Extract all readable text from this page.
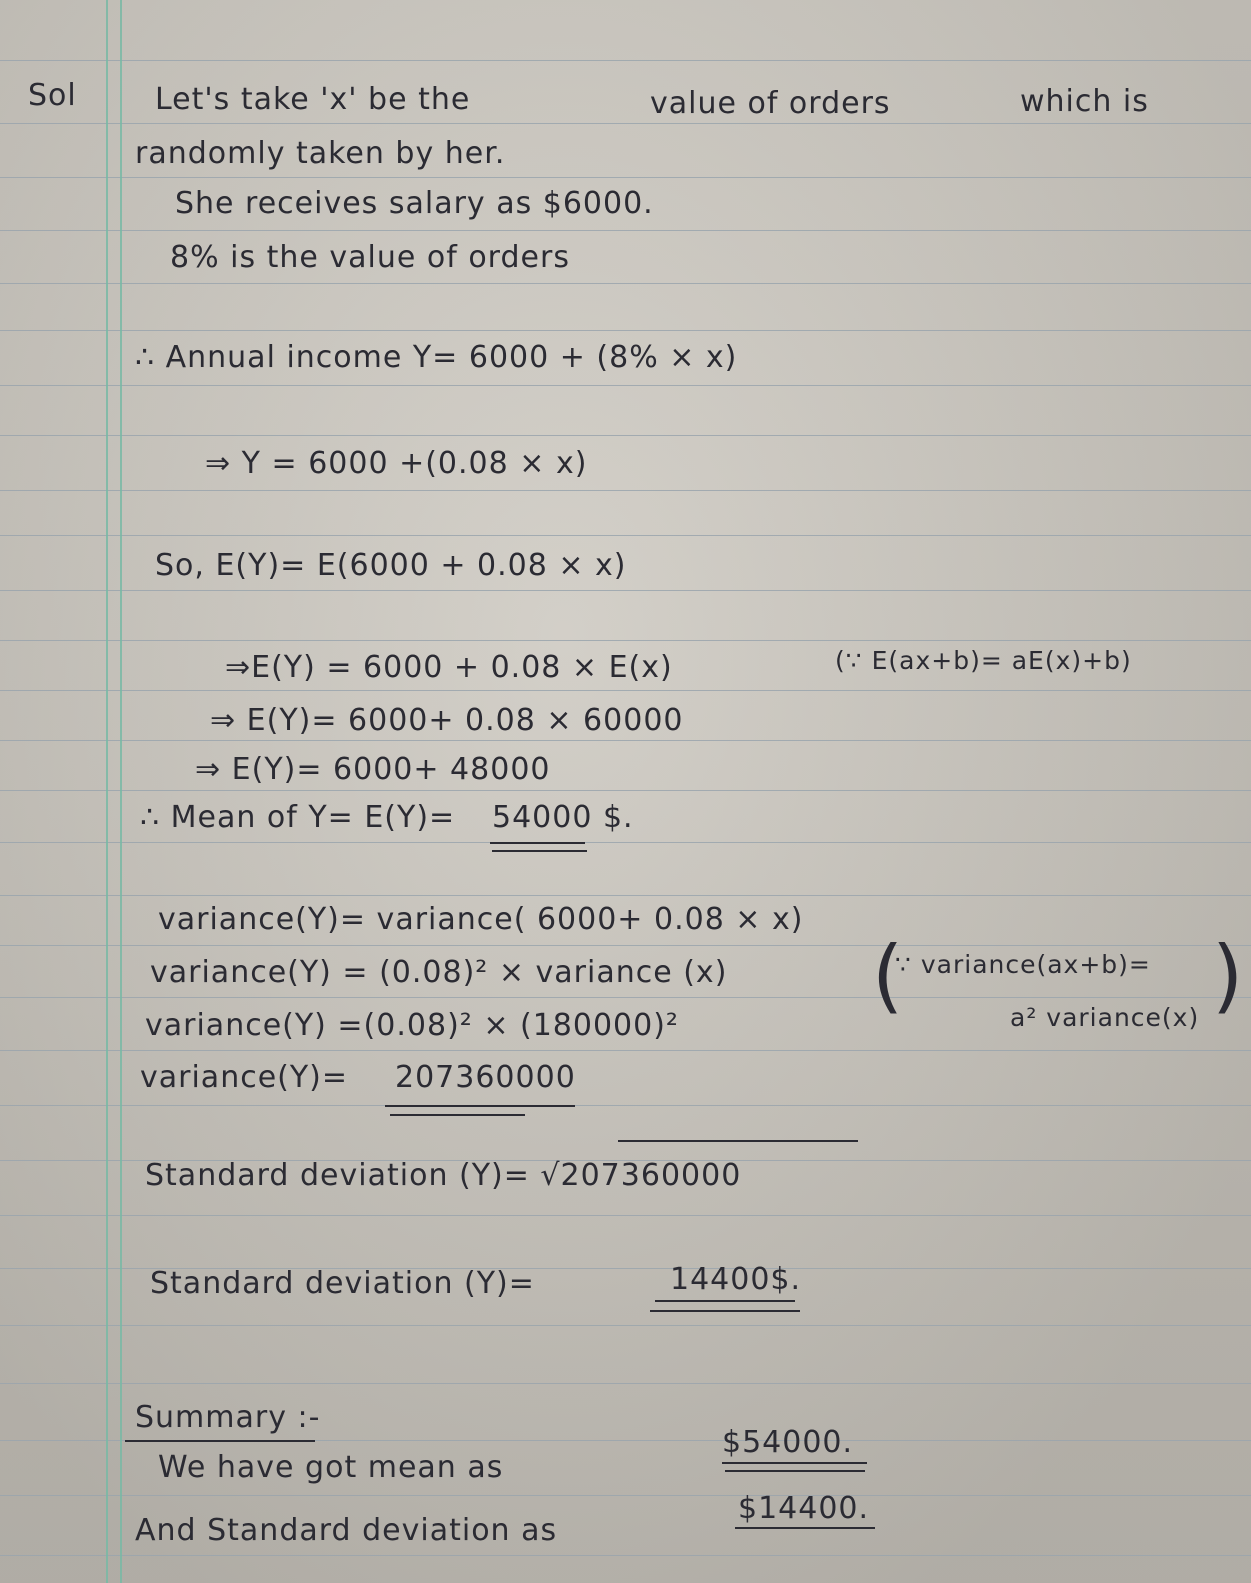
Sol	Let's take 'x' be the	value of orders	which is
randomly taken by her.
She receives salary as $6000.
8% is the value of orders
∴ Annual income Y= 6000 + (8% × x)
⇒ Y = 6000 +(0.08 × x)
So, E(Y)= E(6000 + 0.08 × x)
⇒E(Y) = 6000 + 0.08 × E(x)	(∵ E(ax+b)= aE(x)+b)
⇒ E(Y)= 6000+ 0.08 × 60000
⇒ E(Y)= 6000+ 48000
∴ Mean of Y= E(Y)= 54000 $.
variance(Y)= variance( 6000+ 0.08 × x)
variance(Y) = (0.08)² × variance (x) (
∵ variance(ax+b)=
a² variance(x) )
variance(Y) =(0.08)² × (180000)²
variance(Y)= 207360000
Standard deviation (Y)= √207360000
Standard deviation (Y)=	14400$.
Summary :-
We have got mean as
$54000.
And Standard deviation as
$14400.
